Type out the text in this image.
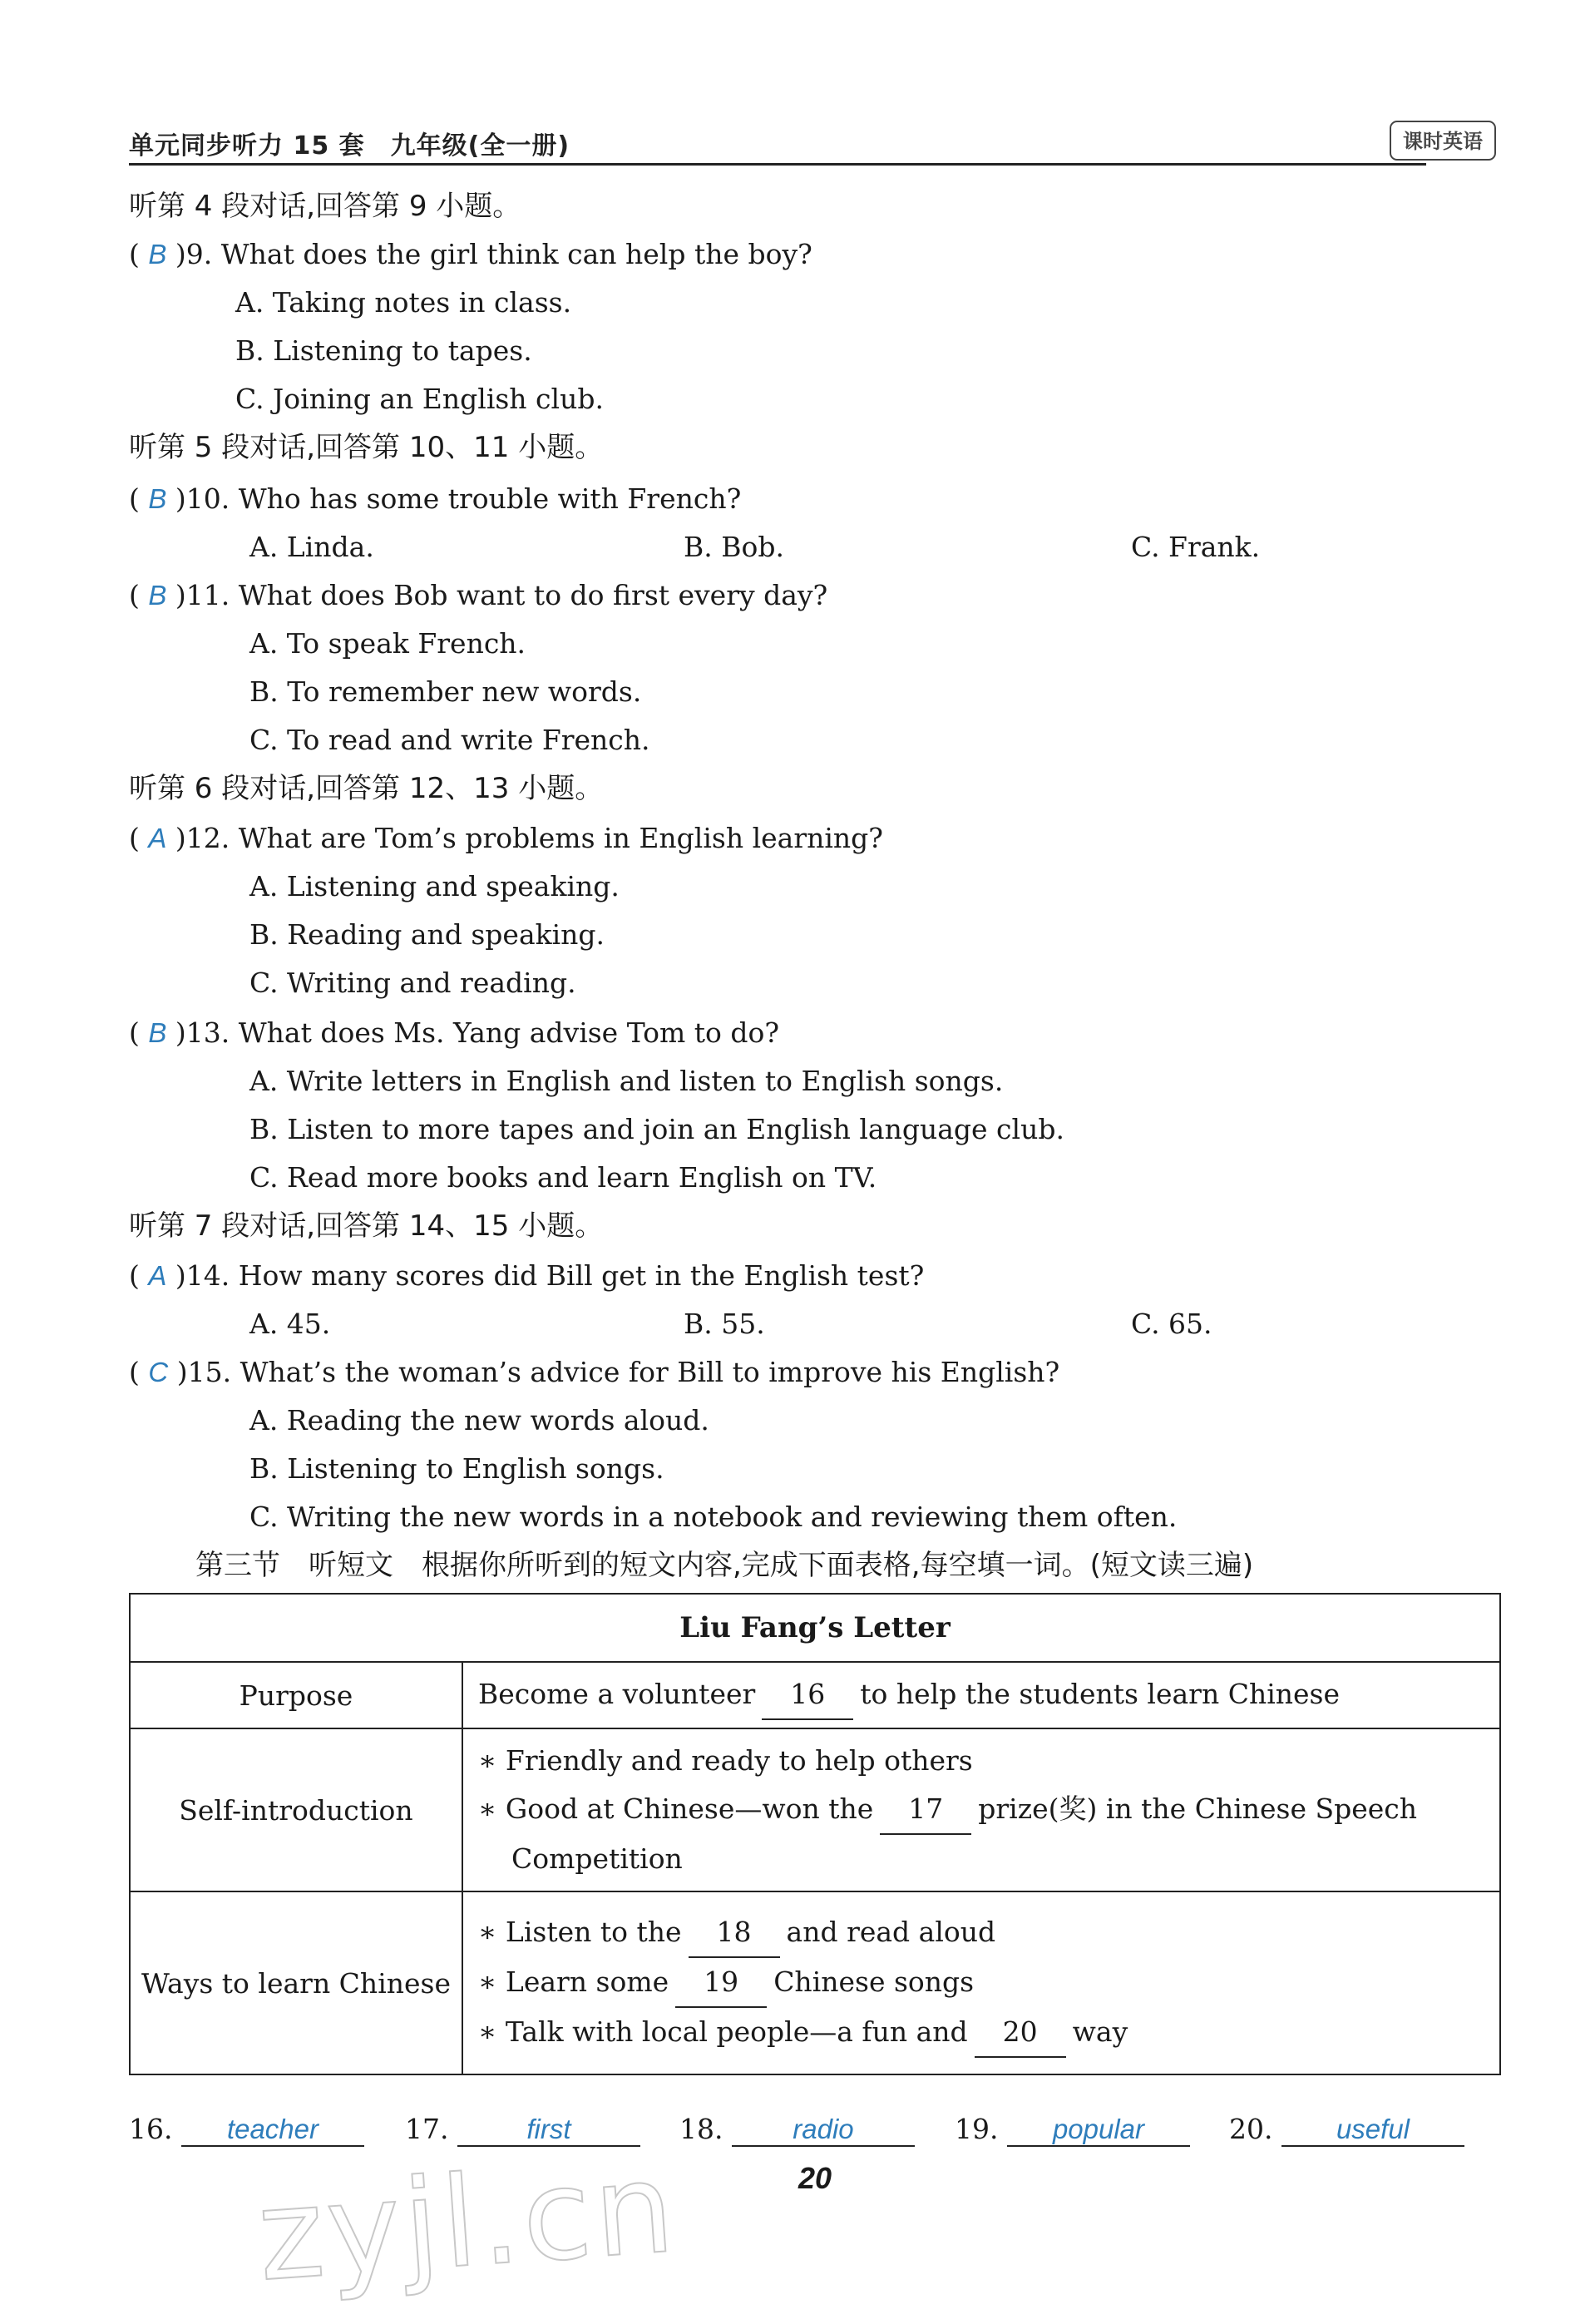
单元同步听力 15 套　九年级(全一册)	课时英语
听第 4 段对话,回答第 9 小题。
( B )9. What does the girl think can help the boy?
A. Taking notes in class.
B. Listening to tapes.
C. Joining an English club.
听第 5 段对话,回答第 10、11 小题。
( B )10. Who has some trouble with French?
A. Linda.	B. Bob.	C. Frank.
( B )11. What does Bob want to do first every day?
A. To speak French.
B. To remember new words.
C. To read and write French.
听第 6 段对话,回答第 12、13 小题。
( A )12. What are Tom’s problems in English learning?
A. Listening and speaking.
B. Reading and speaking.
C. Writing and reading.
( B )13. What does Ms. Yang advise Tom to do?
A. Write letters in English and listen to English songs.
B. Listen to more tapes and join an English language club.
C. Read more books and learn English on TV.
听第 7 段对话,回答第 14、15 小题。
( A )14. How many scores did Bill get in the English test?
A. 45.	B. 55.	C. 65.
( C )15. What’s the woman’s advice for Bill to improve his English?
A. Reading the new words aloud.
B. Listening to English songs.
C. Writing the new words in a notebook and reviewing them often.
第三节　听短文　根据你所听到的短文内容,完成下面表格,每空填一词。(短文读三遍)
Liu Fang’s Letter	
Purpose	Become a volunteer 16 to help the students learn Chinese
Self-introduction	∗ Friendly and ready to help others
∗ Good at Chinese—won the 17 prize(奖) in the Chinese Speech
Competition

Ways to learn Chinese	∗ Listen to the 18 and read aloud
∗ Learn some 19 Chinese songs
∗ Talk with local people—a fun and 20 way
16. teacher	17.	first	18.	radio	19. popular	20. useful
20
zyjl.cn
